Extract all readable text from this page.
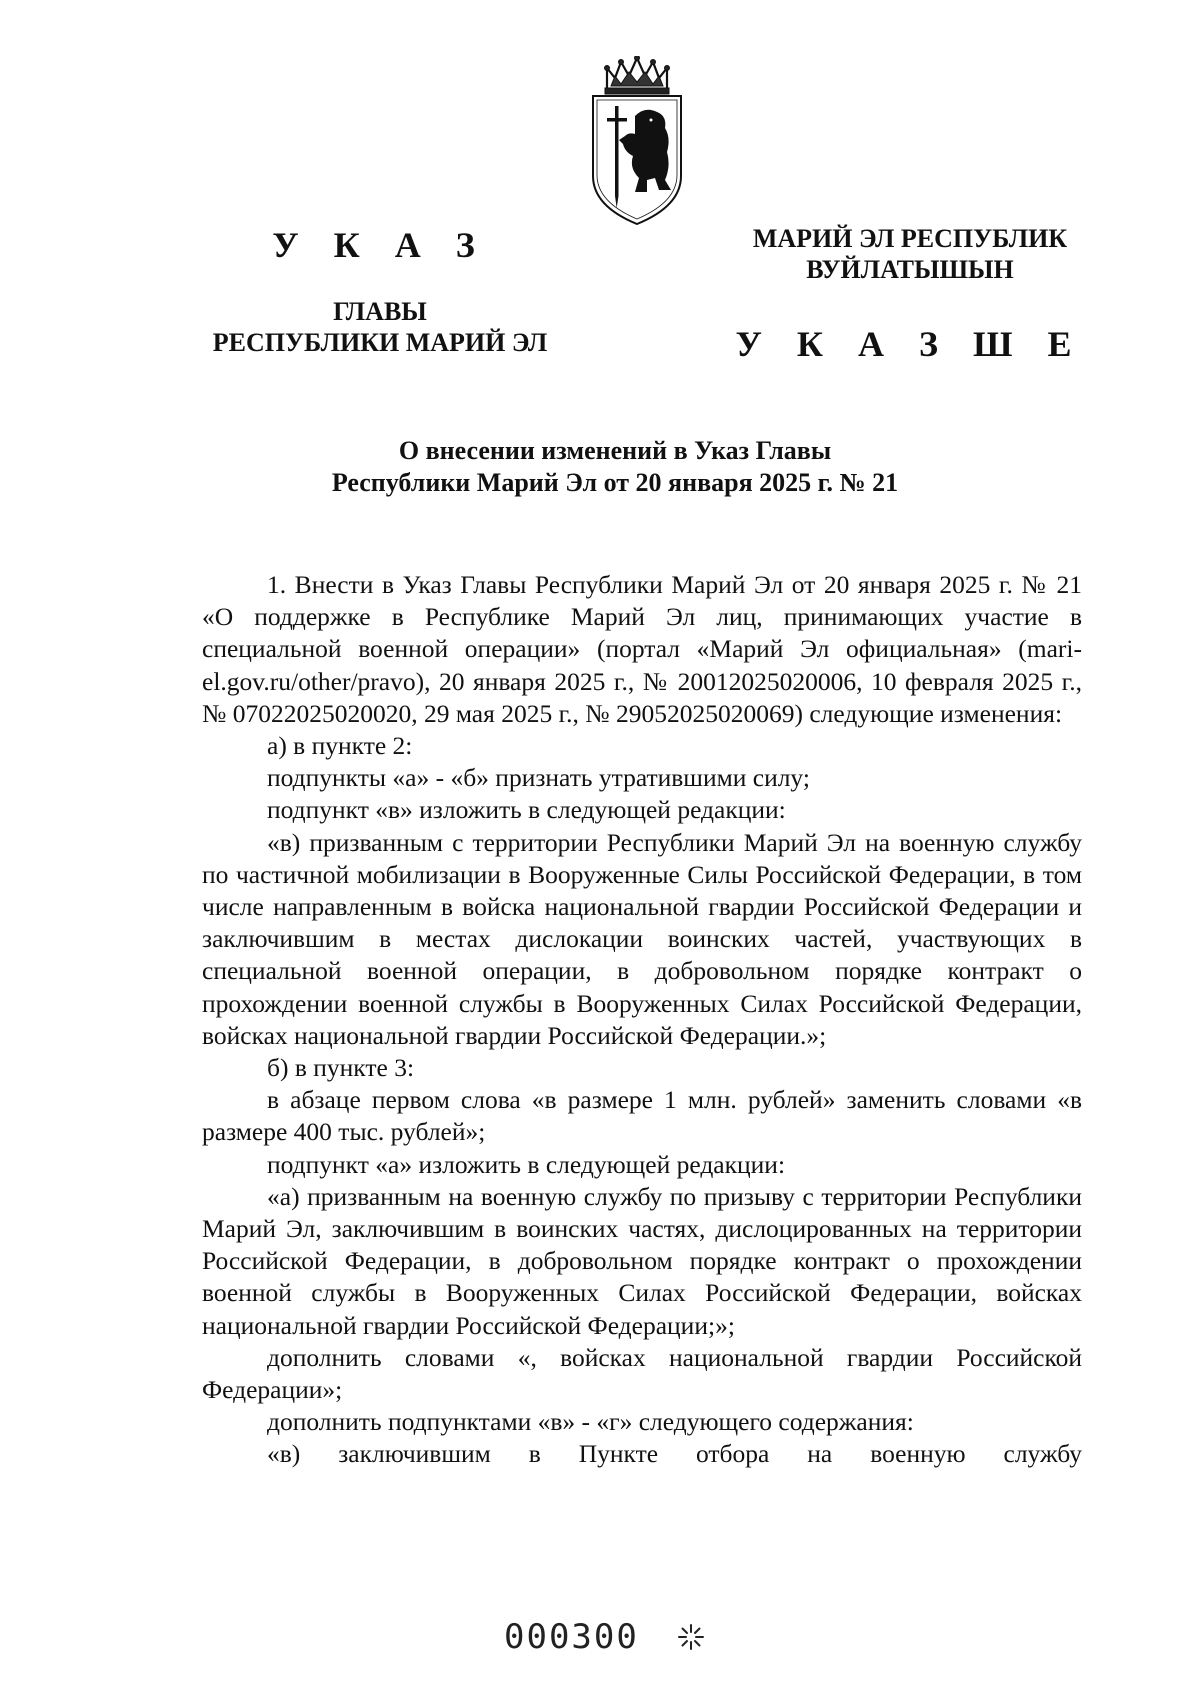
У К А З
ГЛАВЫ
РЕСПУБЛИКИ МАРИЙ ЭЛ
МАРИЙ ЭЛ РЕСПУБЛИК
ВУЙЛАТЫШЫН
У К А З Ш Е
О внесении изменений в Указ Главы
Республики Марий Эл от 20 января 2025 г. № 21

1. Внести в Указ Главы Республики Марий Эл от 20 января 2025 г. № 21 «О поддержке в Республике Марий Эл лиц, принимающих участие в специальной военной операции» (портал «Марий Эл официальная» (mari-el.gov.ru/other/pravo), 20 января 2025 г., № 20012025020006, 10 февраля 2025 г., № 07022025020020, 29 мая 2025 г., № 29052025020069) следующие изменения:

а) в пункте 2:

подпункты «а» - «б» признать утратившими силу;

подпункт «в» изложить в следующей редакции:

«в) призванным с территории Республики Марий Эл на военную службу по частичной мобилизации в Вооруженные Силы Российской Федерации, в том числе направленным в войска национальной гвардии Российской Федерации и заключившим в местах дислокации воинских частей, участвующих в специальной военной операции, в добровольном порядке контракт о прохождении военной службы в Вооруженных Силах Российской Федерации, войсках национальной гвардии Российской Федерации.»;

б) в пункте 3:

в абзаце первом слова «в размере 1 млн. рублей» заменить словами «в размере 400 тыс. рублей»;

подпункт «а» изложить в следующей редакции:

«а) призванным на военную службу по призыву с территории Республики Марий Эл, заключившим в воинских частях, дислоцированных на территории Российской Федерации, в добровольном порядке контракт о прохождении военной службы в Вооруженных Силах Российской Федерации, войсках национальной гвардии Российской Федерации;»;

дополнить словами «, войсках национальной гвардии Российской Федерации»;

дополнить подпунктами «в» - «г» следующего содержания:

«в) заключившим в Пункте отбора на военную службу

000300
